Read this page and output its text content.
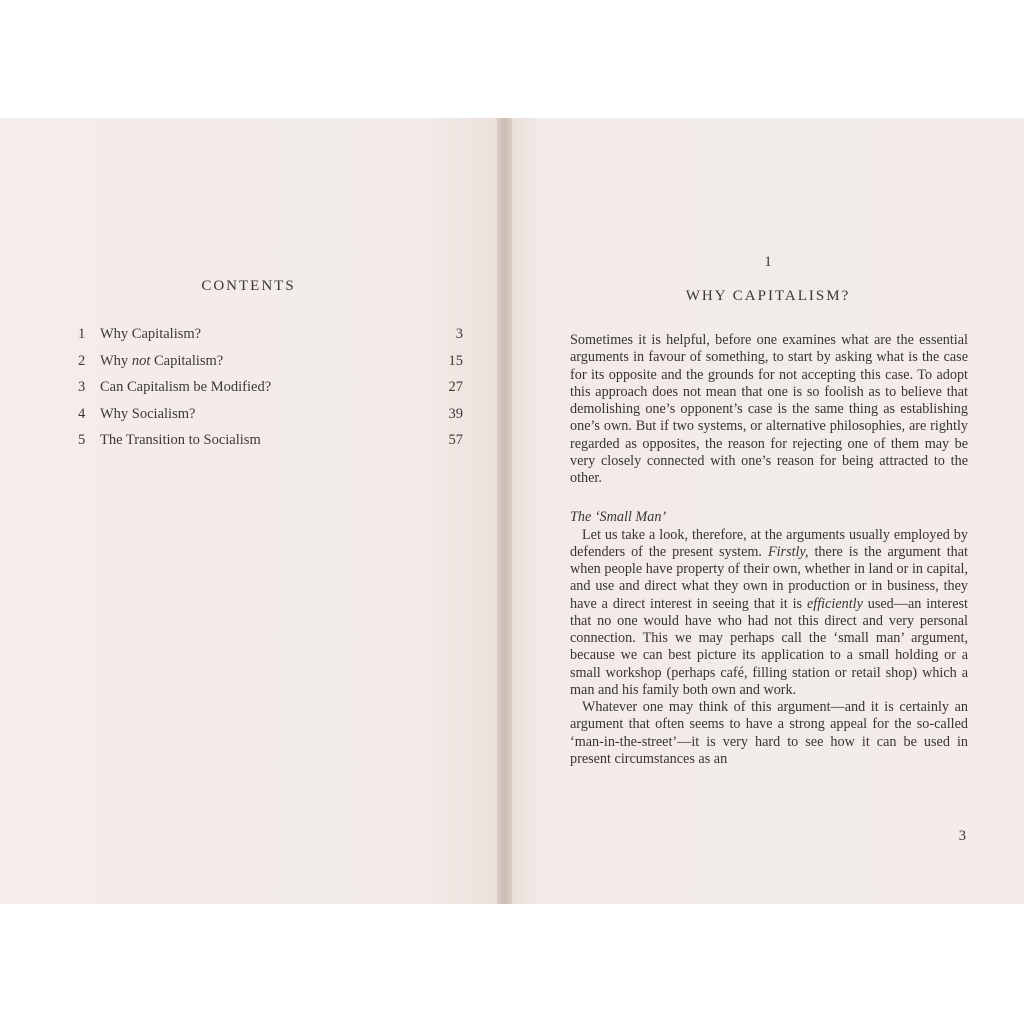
CONTENTS
1	Why Capitalism?	3
2	Why not Capitalism?	15
3	Can Capitalism be Modified?	27
4	Why Socialism?	39
5	The Transition to Socialism	57
1
WHY CAPITALISM?

Sometimes it is helpful, before one examines what are the essential arguments in favour of something, to start by asking what is the case for its opposite and the grounds for not accepting this case. To adopt this approach does not mean that one is so foolish as to believe that demolishing one’s opponent’s case is the same thing as establishing one’s own. But if two systems, or alternative philosophies, are rightly regarded as opposites, the reason for rejecting one of them may be very closely connected with one’s reason for being attracted to the other.

The ‘Small Man’

Let us take a look, therefore, at the arguments usually employed by defenders of the present system. Firstly, there is the argument that when people have property of their own, whether in land or in capital, and use and direct what they own in production or in business, they have a direct interest in seeing that it is efficiently used—an interest that no one would have who had not this direct and very personal connection. This we may perhaps call the ‘small man’ argument, because we can best picture its application to a small holding or a small workshop (perhaps café, filling station or retail shop) which a man and his family both own and work.

Whatever one may think of this argument—and it is certainly an argument that often seems to have a strong appeal for the so-called ‘man-in-the-street’—it is very hard to see how it can be used in present circumstances as an

3
